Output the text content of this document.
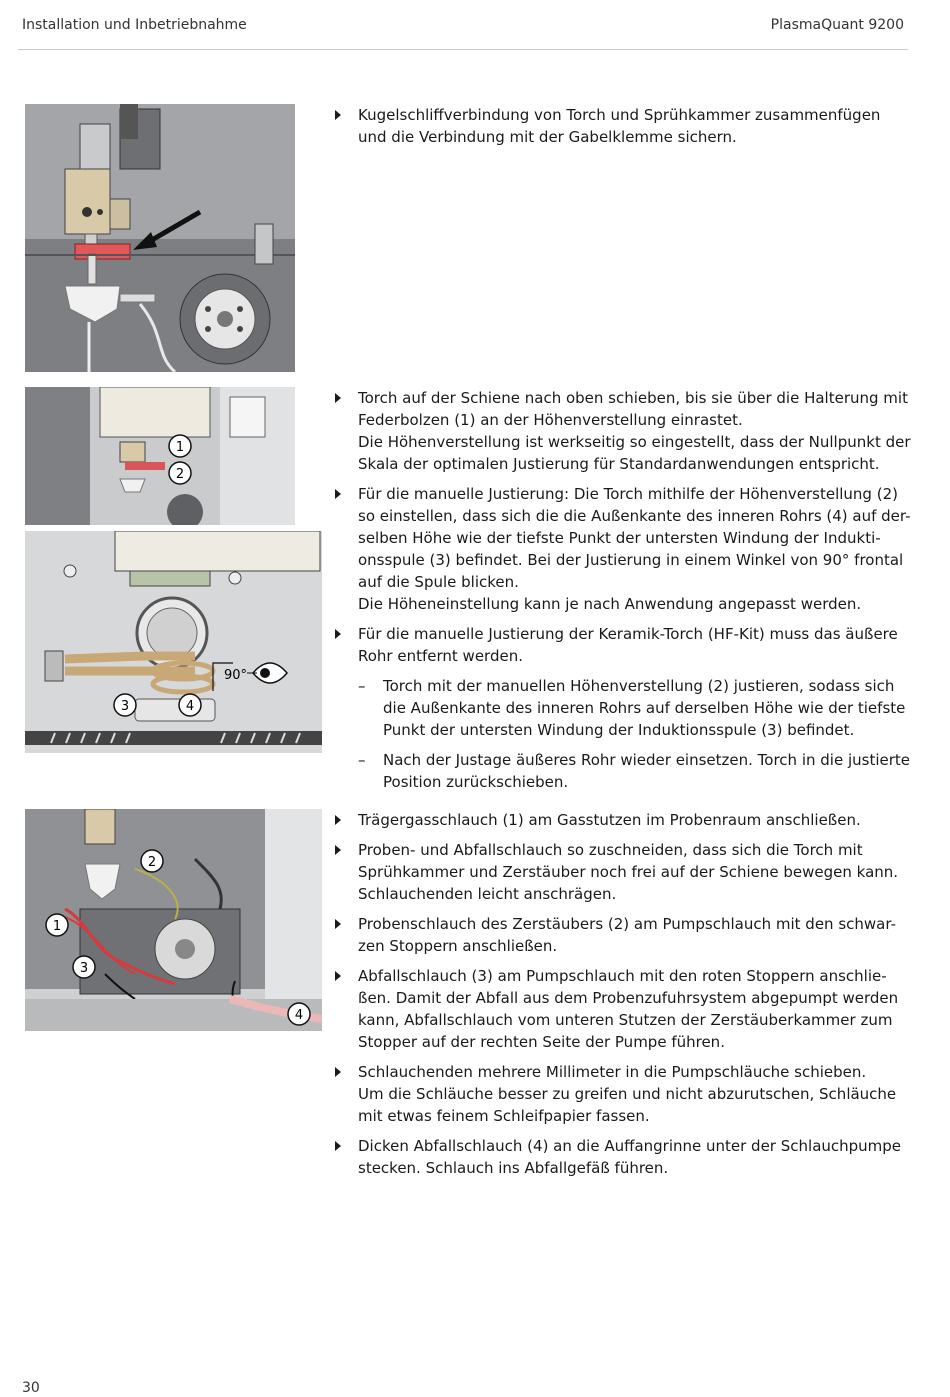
Installation und Inbetriebnahme	PlasmaQuant 9200
1
2
90°
3	4
1
2
3
4
Kugelschliffverbindung von Torch und Sprühkammer zusammenfügen
und die Verbindung mit der Gabelklemme sichern.
Torch auf der Schiene nach oben schieben, bis sie über die Halterung mit
Federbolzen (1) an der Höhenverstellung einrastet.
Die Höhenverstellung ist werkseitig so eingestellt, dass der Nullpunkt der
Skala der optimalen Justierung für Standardanwendungen entspricht.
Für die manuelle Justierung: Die Torch mithilfe der Höhenverstellung (2)
so einstellen, dass sich die die Außenkante des inneren Rohrs (4) auf der-
selben Höhe wie der tiefste Punkt der untersten Windung der Indukti-
onsspule (3) befindet. Bei der Justierung in einem Winkel von 90° frontal
auf die Spule blicken.
Die Höheneinstellung kann je nach Anwendung angepasst werden.
Für die manuelle Justierung der Keramik-Torch (HF-Kit) muss das äußere
Rohr entfernt werden.
– Torch mit der manuellen Höhenverstellung (2) justieren, sodass sich
die Außenkante des inneren Rohrs auf derselben Höhe wie der tiefste
Punkt der untersten Windung der Induktionsspule (3) befindet.
– Nach der Justage äußeres Rohr wieder einsetzen. Torch in die justierte
Position zurückschieben.
Trägergasschlauch (1) am Gasstutzen im Probenraum anschließen.
Proben- und Abfallschlauch so zuschneiden, dass sich die Torch mit
Sprühkammer und Zerstäuber noch frei auf der Schiene bewegen kann.
Schlauchenden leicht anschrägen.
Probenschlauch des Zerstäubers (2) am Pumpschlauch mit den schwar-
zen Stoppern anschließen.
Abfallschlauch (3) am Pumpschlauch mit den roten Stoppern anschlie-
ßen. Damit der Abfall aus dem Probenzufuhrsystem abgepumpt werden
kann, Abfallschlauch vom unteren Stutzen der Zerstäuberkammer zum
Stopper auf der rechten Seite der Pumpe führen.
Schlauchenden mehrere Millimeter in die Pumpschläuche schieben.
Um die Schläuche besser zu greifen und nicht abzurutschen, Schläuche
mit etwas feinem Schleifpapier fassen.
Dicken Abfallschlauch (4) an die Auffangrinne unter der Schlauchpumpe
stecken. Schlauch ins Abfallgefäß führen.
30
